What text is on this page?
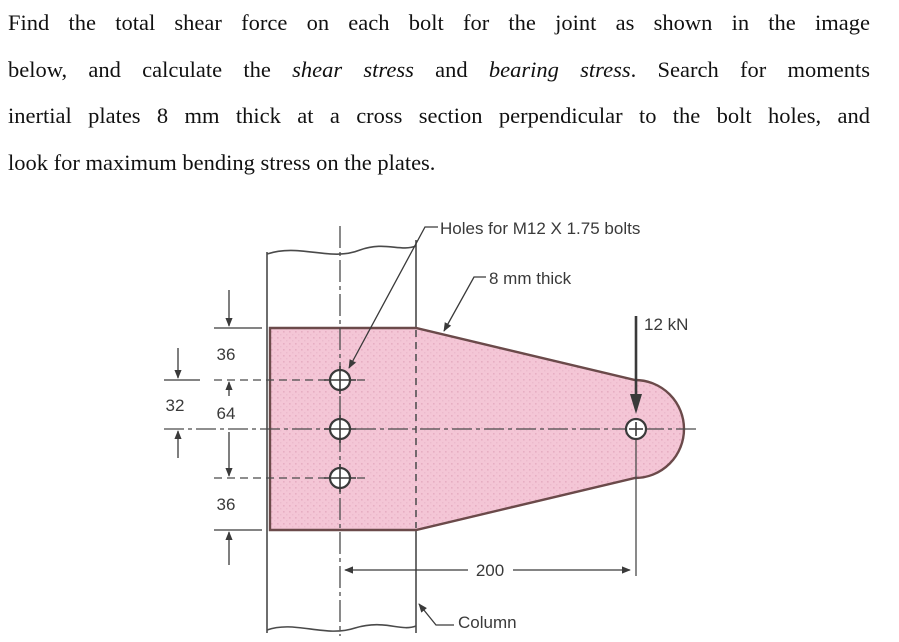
Find the total shear force on each bolt for the joint as shown in the image
below, and calculate the shear stress and bearing stress. Search for moments
inertial plates 8 mm thick at a cross section perpendicular to the bolt holes, and
look for maximum bending stress on the plates.
Holes for M12 X 1.75 bolts
8 mm thick
12 kN
Column
200
36
64
36
32
